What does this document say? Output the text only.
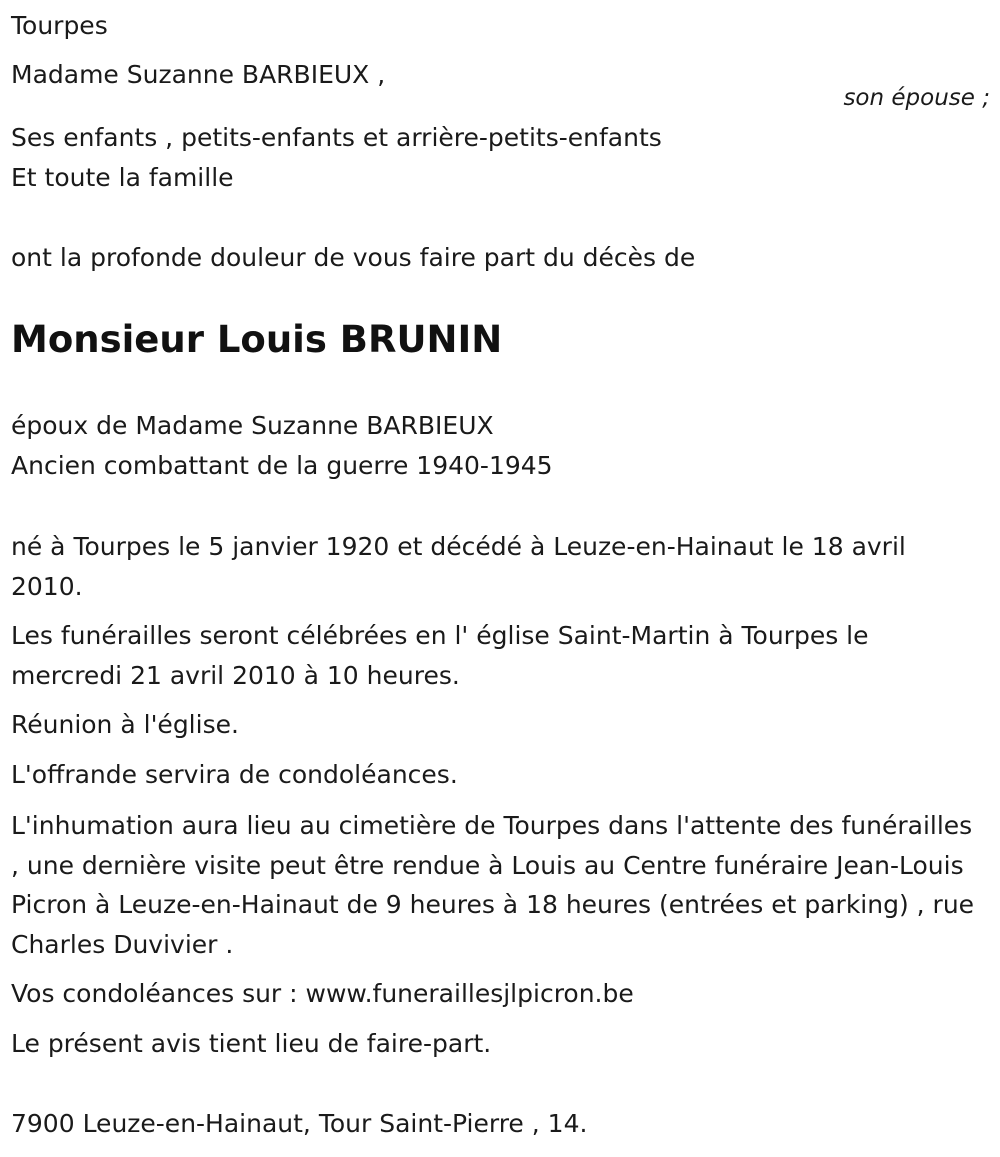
Tourpes
Madame Suzanne BARBIEUX ,
son épouse ;
Ses enfants , petits-enfants et arrière-petits-enfants
Et toute la famille
ont la profonde douleur de vous faire part du décès de
Monsieur Louis BRUNIN
époux de Madame Suzanne BARBIEUX
Ancien combattant de la guerre 1940-1945
né à Tourpes le 5 janvier 1920 et décédé à Leuze-en-Hainaut le 18 avril 2010.
Les funérailles seront célébrées en l' église Saint-Martin à Tourpes le mercredi 21 avril 2010 à 10 heures.
Réunion à l'église.
L'offrande servira de condoléances.
L'inhumation aura lieu au cimetière de Tourpes dans l'attente des funérailles , une dernière visite peut être rendue à Louis au Centre funéraire Jean-Louis Picron à Leuze-en-Hainaut de 9 heures à 18 heures (entrées et parking) , rue Charles Duvivier .
Vos condoléances sur : www.funeraillesjlpicron.be
Le présent avis tient lieu de faire-part.
7900 Leuze-en-Hainaut, Tour Saint-Pierre , 14.
